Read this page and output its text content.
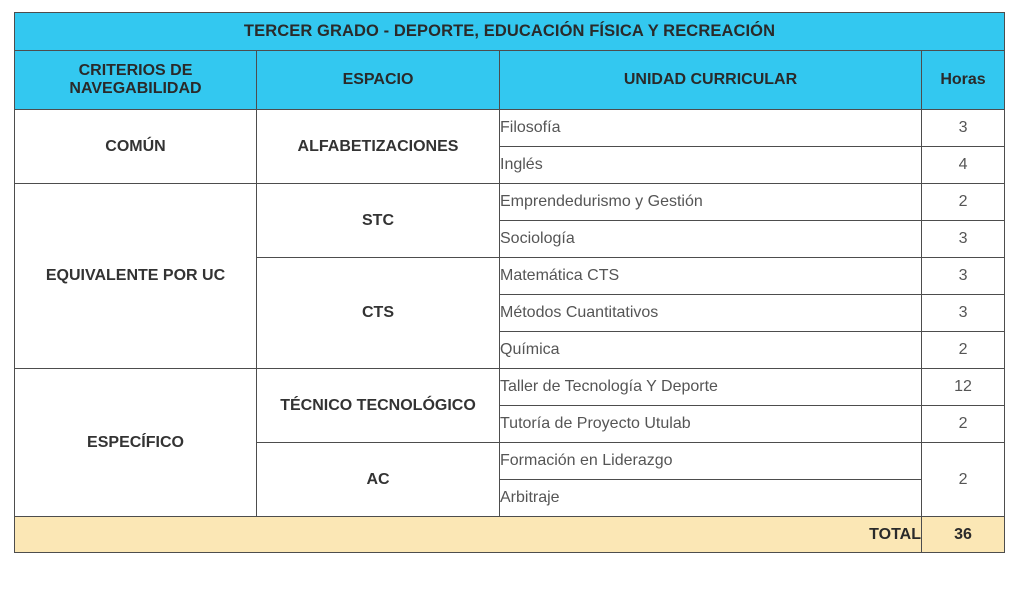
TERCER GRADO - DEPORTE, EDUCACIÓN FÍSICA Y RECREACIÓN			
CRITERIOS DE
NAVEGABILIDAD	ESPACIO	UNIDAD CURRICULAR	Horas
COMÚN	ALFABETIZACIONES	Filosofía	3
		Inglés	4
EQUIVALENTE POR UC	STC	Emprendedurismo y Gestión	2
		Sociología	3
	CTS	Matemática CTS	3
		Métodos Cuantitativos	3
		Química	2
ESPECÍFICO	TÉCNICO TECNOLÓGICO	Taller de Tecnología Y Deporte	12
		Tutoría de Proyecto Utulab	2
	AC	Formación en Liderazgo	2
		Arbitraje	
TOTAL			36
